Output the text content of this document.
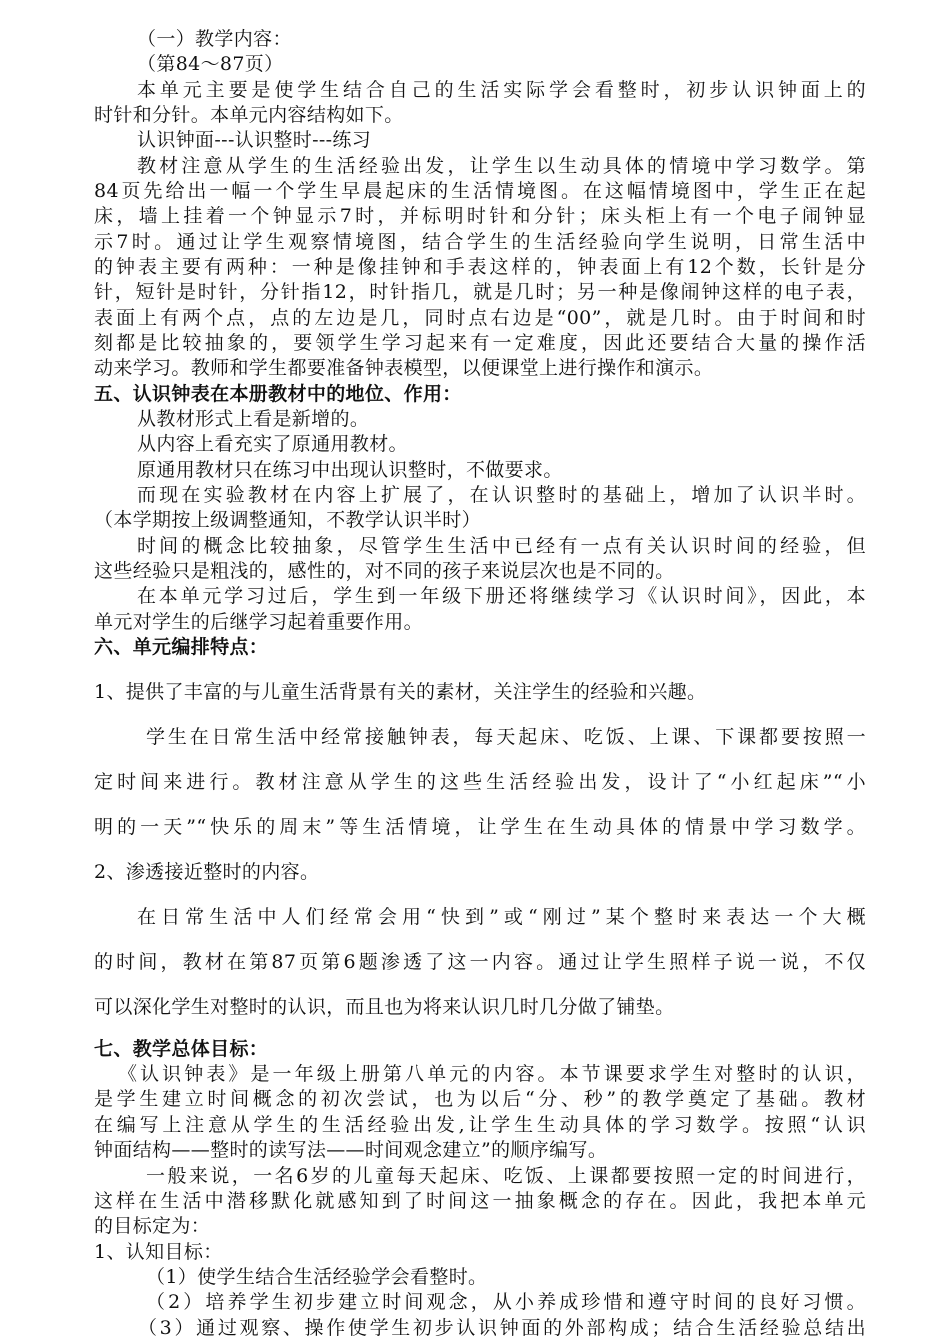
（一）教学内容：
（第84～87页）
本单元主要是使学生结合自己的生活实际学会看整时，初步认识钟面上的
时针和分针。本单元内容结构如下。
认识钟面---认识整时---练习
教材注意从学生的生活经验出发，让学生以生动具体的情境中学习数学。第
84页先给出一幅一个学生早晨起床的生活情境图。在这幅情境图中，学生正在起
床，墙上挂着一个钟显示7时，并标明时针和分针；床头柜上有一个电子闹钟显
示7时。通过让学生观察情境图，结合学生的生活经验向学生说明，日常生活中
的钟表主要有两种：一种是像挂钟和手表这样的，钟表面上有12个数，长针是分
针，短针是时针，分针指12，时针指几，就是几时；另一种是像闹钟这样的电子表，
表面上有两个点，点的左边是几，同时点右边是“00”，就是几时。由于时间和时
刻都是比较抽象的，要领学生学习起来有一定难度，因此还要结合大量的操作活
动来学习。教师和学生都要准备钟表模型，以便课堂上进行操作和演示。
五、认识钟表在本册教材中的地位、作用：
从教材形式上看是新增的。
从内容上看充实了原通用教材。
原通用教材只在练习中出现认识整时，不做要求。
而现在实验教材在内容上扩展了，在认识整时的基础上，增加了认识半时。
（本学期按上级调整通知，不教学认识半时）
时间的概念比较抽象，尽管学生生活中已经有一点有关认识时间的经验，但
这些经验只是粗浅的，感性的，对不同的孩子来说层次也是不同的。
在本单元学习过后，学生到一年级下册还将继续学习《认识时间》，因此，本
单元对学生的后继学习起着重要作用。
六、单元编排特点：
1、提供了丰富的与儿童生活背景有关的素材，关注学生的经验和兴趣。
学生在日常生活中经常接触钟表，每天起床、吃饭、上课、下课都要按照一
定时间来进行。教材注意从学生的这些生活经验出发，设计了“小红起床”“小
明的一天”“快乐的周末”等生活情境，让学生在生动具体的情景中学习数学。
2、渗透接近整时的内容。
在日常生活中人们经常会用“快到”或“刚过”某个整时来表达一个大概
的时间，教材在第87页第6题渗透了这一内容。通过让学生照样子说一说，不仅
可以深化学生对整时的认识，而且也为将来认识几时几分做了铺垫。
七、教学总体目标：
《认识钟表》是一年级上册第八单元的内容。本节课要求学生对整时的认识，
是学生建立时间概念的初次尝试，也为以后“分、秒”的教学奠定了基础。教材
在编写上注意从学生的生活经验出发,让学生生动具体的学习数学。按照“认识
钟面结构——整时的读写法——时间观念建立”的顺序编写。
一般来说，一名6岁的儿童每天起床、吃饭、上课都要按照一定的时间进行，
这样在生活中潜移默化就感知到了时间这一抽象概念的存在。因此，我把本单元
的目标定为：
1、认知目标：
（1）使学生结合生活经验学会看整时。
（2）培养学生初步建立时间观念，从小养成珍惜和遵守时间的良好习惯。
（3）通过观察、操作使学生初步认识钟面的外部构成；结合生活经验总结出
